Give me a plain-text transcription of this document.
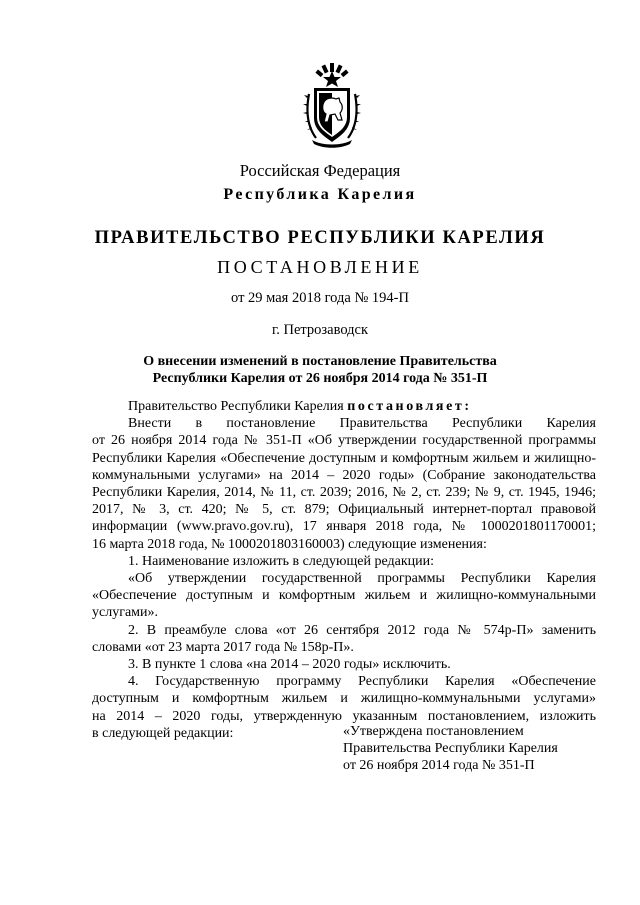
Российская Федерация
Республика Карелия
ПРАВИТЕЛЬСТВО РЕСПУБЛИКИ КАРЕЛИЯ
ПОСТАНОВЛЕНИЕ
от 29 мая 2018 года № 194-П
г. Петрозаводск
О внесении изменений в постановление Правительства
Республики Карелия от 26 ноября 2014 года № 351-П

Правительство Республики Карелия постановляет:

Внести в постановление Правительства Республики Карелия

от 26 ноября 2014 года № 351-П «Об утверждении государственной программы

Республики Карелия «Обеспечение доступным и комфортным жильем и жилищно-

коммунальными услугами» на 2014 – 2020 годы» (Собрание законодательства

Республики Карелия, 2014, № 11, ст. 2039; 2016, № 2, ст. 239; № 9, ст. 1945, 1946;

2017, № 3, ст. 420; № 5, ст. 879; Официальный интернет-портал правовой

информации (www.pravo.gov.ru), 17 января 2018 года, № 1000201801170001;

16 марта 2018 года, № 1000201803160003) следующие изменения:

1. Наименование изложить в следующей редакции:

«Об утверждении государственной программы Республики Карелия

«Обеспечение доступным и комфортным жильем и жилищно-коммунальными

услугами».

2. В преамбуле слова «от 26 сентября 2012 года № 574р-П» заменить

словами «от 23 марта 2017 года № 158р-П».

3. В пункте 1 слова «на 2014 – 2020 годы» исключить.

4. Государственную программу Республики Карелия «Обеспечение

доступным и комфортным жильем и жилищно-коммунальными услугами»

на 2014 – 2020 годы, утвержденную указанным постановлением, изложить

в следующей редакции:	«Утверждена постановлением
Правительства Республики Карелия
от 26 ноября 2014 года № 351-П
